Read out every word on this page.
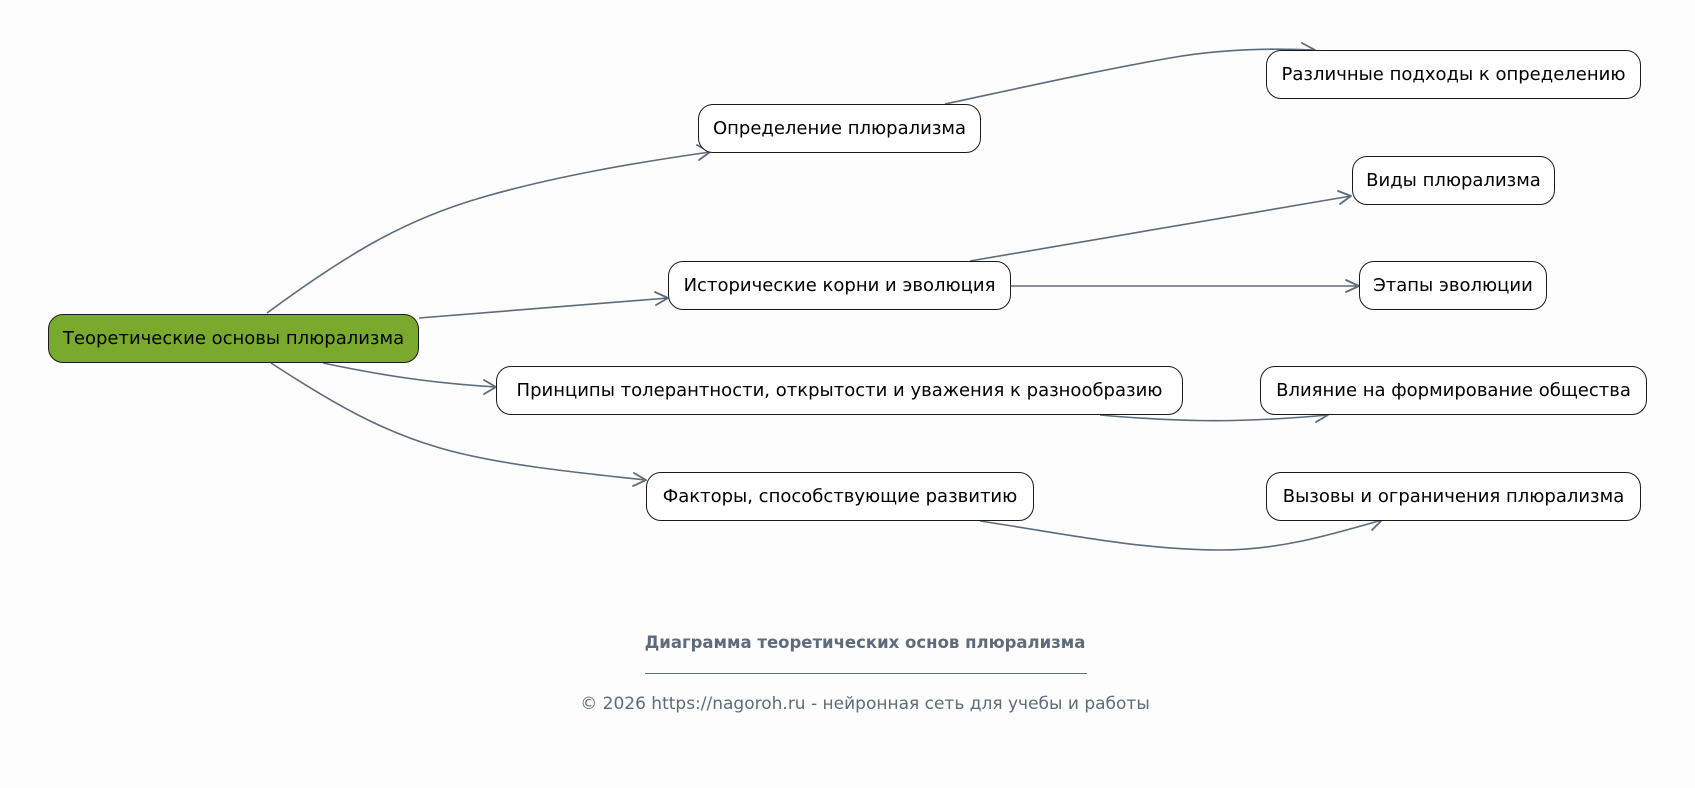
Теоретические основы плюрализма
Определение плюрализма
Исторические корни и эволюция
Принципы толерантности, открытости и уважения к разнообразию
Факторы, способствующие развитию
Различные подходы к определению
Виды плюрализма
Этапы эволюции
Влияние на формирование общества
Вызовы и ограничения плюрализма
Диаграмма теоретических основ плюрализма
© 2026 https://nagoroh.ru - нейронная сеть для учебы и работы
